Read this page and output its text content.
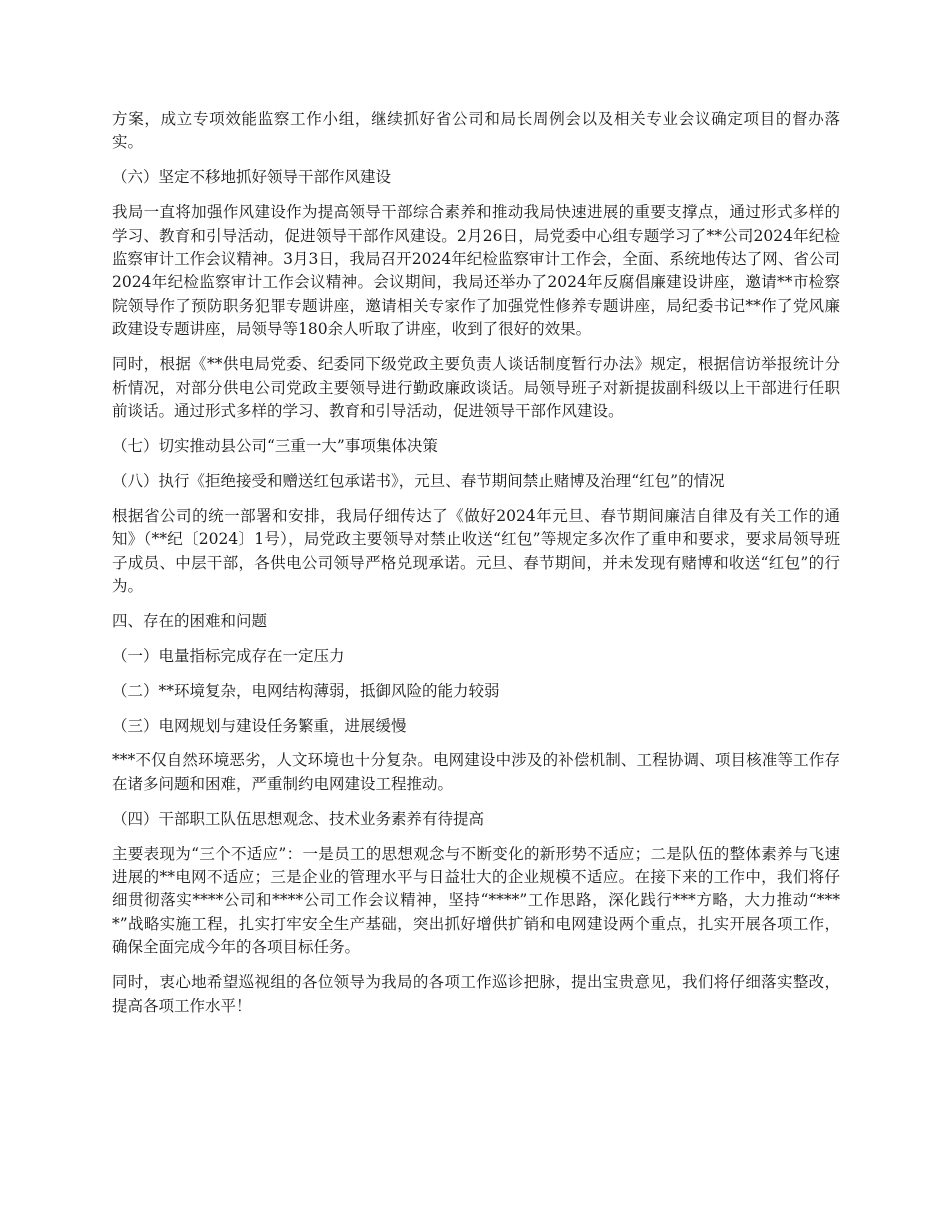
方案，成立专项效能监察工作小组，继续抓好省公司和局长周例会以及相关专业会议确定项目的督办落实。

（六）坚定不移地抓好领导干部作风建设

我局一直将加强作风建设作为提高领导干部综合素养和推动我局快速进展的重要支撑点，通过形式多样的学习、教育和引导活动，促进领导干部作风建设。2月26日，局党委中心组专题学习了**公司2024年纪检监察审计工作会议精神。3月3日，我局召开2024年纪检监察审计工作会，全面、系统地传达了网、省公司2024年纪检监察审计工作会议精神。会议期间，我局还举办了2024年反腐倡廉建设讲座，邀请**市检察院领导作了预防职务犯罪专题讲座，邀请相关专家作了加强党性修养专题讲座，局纪委书记**作了党风廉政建设专题讲座，局领导等180余人听取了讲座，收到了很好的效果。

同时，根据《**供电局党委、纪委同下级党政主要负责人谈话制度暂行办法》规定，根据信访举报统计分析情况，对部分供电公司党政主要领导进行勤政廉政谈话。局领导班子对新提拔副科级以上干部进行任职前谈话。通过形式多样的学习、教育和引导活动，促进领导干部作风建设。

（七）切实推动县公司“三重一大”事项集体决策

（八）执行《拒绝接受和赠送红包承诺书》，元旦、春节期间禁止赌博及治理“红包”的情况

根据省公司的统一部署和安排，我局仔细传达了《做好2024年元旦、春节期间廉洁自律及有关工作的通知》（**纪〔2024〕1号），局党政主要领导对禁止收送“红包”等规定多次作了重申和要求，要求局领导班子成员、中层干部，各供电公司领导严格兑现承诺。元旦、春节期间，并未发现有赌博和收送“红包”的行为。

四、存在的困难和问题

（一）电量指标完成存在一定压力

（二）**环境复杂，电网结构薄弱，抵御风险的能力较弱

（三）电网规划与建设任务繁重，进展缓慢

***不仅自然环境恶劣，人文环境也十分复杂。电网建设中涉及的补偿机制、工程协调、项目核准等工作存在诸多问题和困难，严重制约电网建设工程推动。

（四）干部职工队伍思想观念、技术业务素养有待提高

主要表现为“三个不适应”：一是员工的思想观念与不断变化的新形势不适应；二是队伍的整体素养与飞速进展的**电网不适应；三是企业的管理水平与日益壮大的企业规模不适应。在接下来的工作中，我们将仔细贯彻落实****公司和****公司工作会议精神，坚持“****”工作思路，深化践行***方略，大力推动“****”战略实施工程，扎实打牢安全生产基础，突出抓好增供扩销和电网建设两个重点，扎实开展各项工作，确保全面完成今年的各项目标任务。

同时，衷心地希望巡视组的各位领导为我局的各项工作巡诊把脉，提出宝贵意见，我们将仔细落实整改，提高各项工作水平！
